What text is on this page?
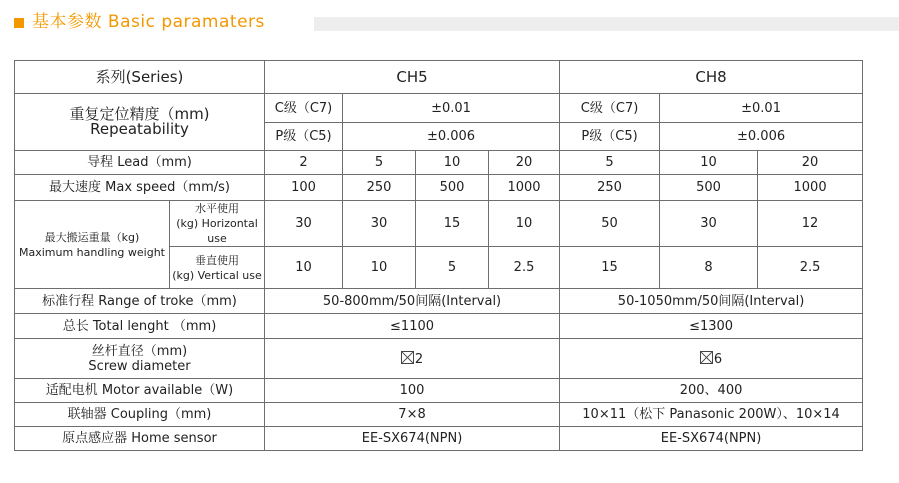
基本参数 Basic paramaters
系列(Series)		CH5				CH8		

重复定位精度（mm)
Repeatability		C级（C7)	±0.01			C级（C7)	±0.01	
		P级（C5)	±0.006			P级（C5)	±0.006	
导程 Lead（mm)		2	5	10	20	5	10	20
最大速度 Max speed（mm/s)		100	250	500	1000	250	500	1000

最大搬运重量（kg)
Maximum handling weight	水平使用
(kg) Horizontal use	30	30	15	10	50	30	12

	垂直使用
(kg) Vertical use	10	10	5	2.5	15	8	2.5
标准行程 Range of troke（mm)		50-800mm/50间隔(Interval)				50-1050mm/50间隔(Interval)		
总长 Total lenght （mm)		≤1100				≤1300		

丝杆直径（mm)
Screw diameter		2				6		
适配电机 Motor available（W)		100				200、400		
联轴器 Coupling（mm)		7×8				10×11（松下 Panasonic 200W）、10×14		
原点感应器 Home sensor		EE-SX674(NPN)				EE-SX674(NPN)		
